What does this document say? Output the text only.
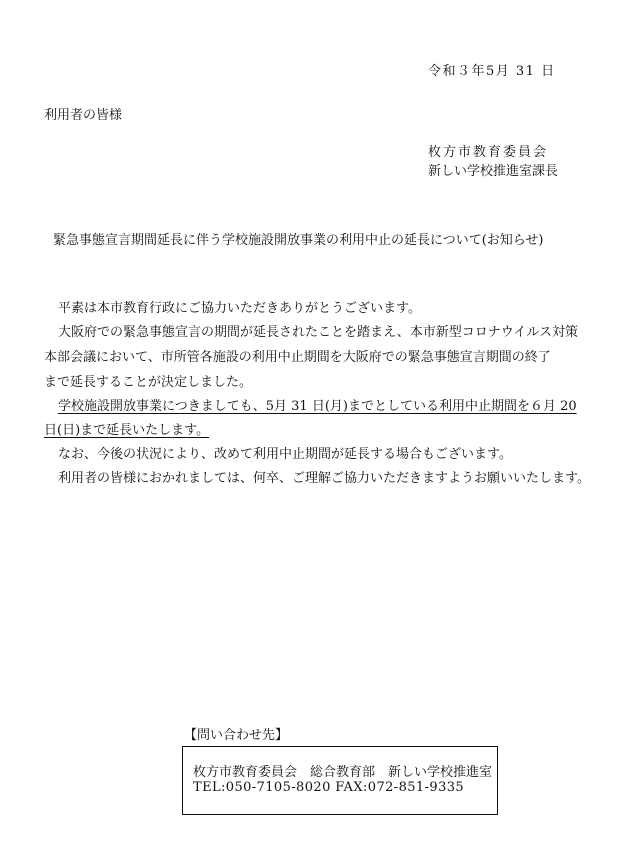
令和３年5月 31 日
利用者の皆様
枚方市教育委員会
新しい学校推進室課長
緊急事態宣言期間延長に伴う学校施設開放事業の利用中止の延長について(お知らせ)
平素は本市教育行政にご協力いただきありがとうございます。
大阪府での緊急事態宣言の期間が延長されたことを踏まえ、本市新型コロナウイルス対策
本部会議において、市所管各施設の利用中止期間を大阪府での緊急事態宣言期間の終了
まで延長することが決定しました。
学校施設開放事業につきましても、5月 31 日(月)までとしている利用中止期間を６月 20
日(日)まで延長いたします。
なお、今後の状況により、改めて利用中止期間が延長する場合もございます。
利用者の皆様におかれましては、何卒、ご理解ご協力いただきますようお願いいたします。
【問い合わせ先】
枚方市教育委員会　総合教育部　新しい学校推進室
TEL:050-7105-8020 FAX:072-851-9335
